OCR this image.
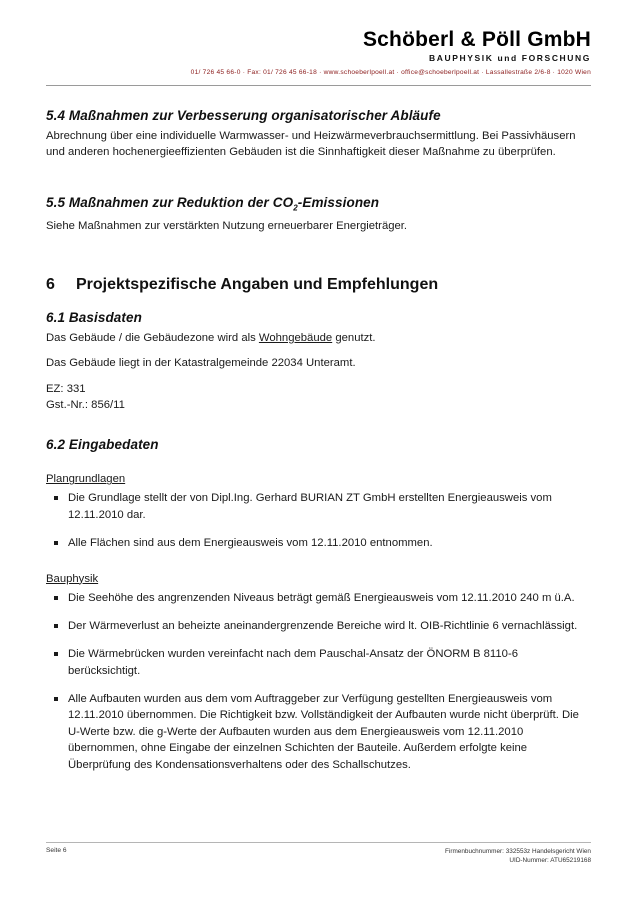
Schöberl & Pöll GmbH
BAUPHYSIK und FORSCHUNG
01/ 726 45 66-0 · Fax: 01/ 726 45 66-18 · www.schoeberlpoell.at · office@schoeberlpoell.at · Lassallestraße 2/6-8 · 1020 Wien
5.4 Maßnahmen zur Verbesserung organisatorischer Abläufe

Abrechnung über eine individuelle Warmwasser- und Heizwärmeverbrauchsermittlung. Bei Passivhäusern und anderen hochenergieeffizienten Gebäuden ist die Sinnhaftigkeit dieser Maßnahme zu überprüfen.

5.5 Maßnahmen zur Reduktion der $CO_2$-Emissionen

Siehe Maßnahmen zur verstärkten Nutzung erneuerbarer Energieträger.

6	Projektspezifische Angaben und Empfehlungen
6.1 Basisdaten

Das Gebäude / die Gebäudezone wird als Wohngebäude genutzt.

Das Gebäude liegt in der Katastralgemeinde 22034 Unteramt.

EZ: 331

Gst.-Nr.: 856/11

6.2 Eingabedaten
Plangrundlagen
Die Grundlage stellt der von Dipl.Ing. Gerhard BURIAN ZT GmbH erstellten Energieausweis vom 12.11.2010 dar.
Alle Flächen sind aus dem Energieausweis vom 12.11.2010 entnommen.
Bauphysik
Die Seehöhe des angrenzenden Niveaus beträgt gemäß Energieausweis vom 12.11.2010 240 m ü.A.
Der Wärmeverlust an beheizte aneinandergrenzende Bereiche wird lt. OIB-Richtlinie 6 vernachlässigt.
Die Wärmebrücken wurden vereinfacht nach dem Pauschal-Ansatz der ÖNORM B 8110-6 berücksichtigt.
Alle Aufbauten wurden aus dem vom Auftraggeber zur Verfügung gestellten Energieausweis vom 12.11.2010 übernommen. Die Richtigkeit bzw. Vollständigkeit der Aufbauten wurde nicht überprüft. Die U-Werte bzw. die g-Werte der Aufbauten wurden aus dem Energieausweis vom 12.11.2010 übernommen, ohne Eingabe der einzelnen Schichten der Bauteile. Außerdem erfolgte keine Überprüfung des Kondensationsverhaltens oder des Schallschutzes.
Seite 6	Firmenbuchnummer: 332553z Handelsgericht Wien
UID-Nummer: ATU65219168
